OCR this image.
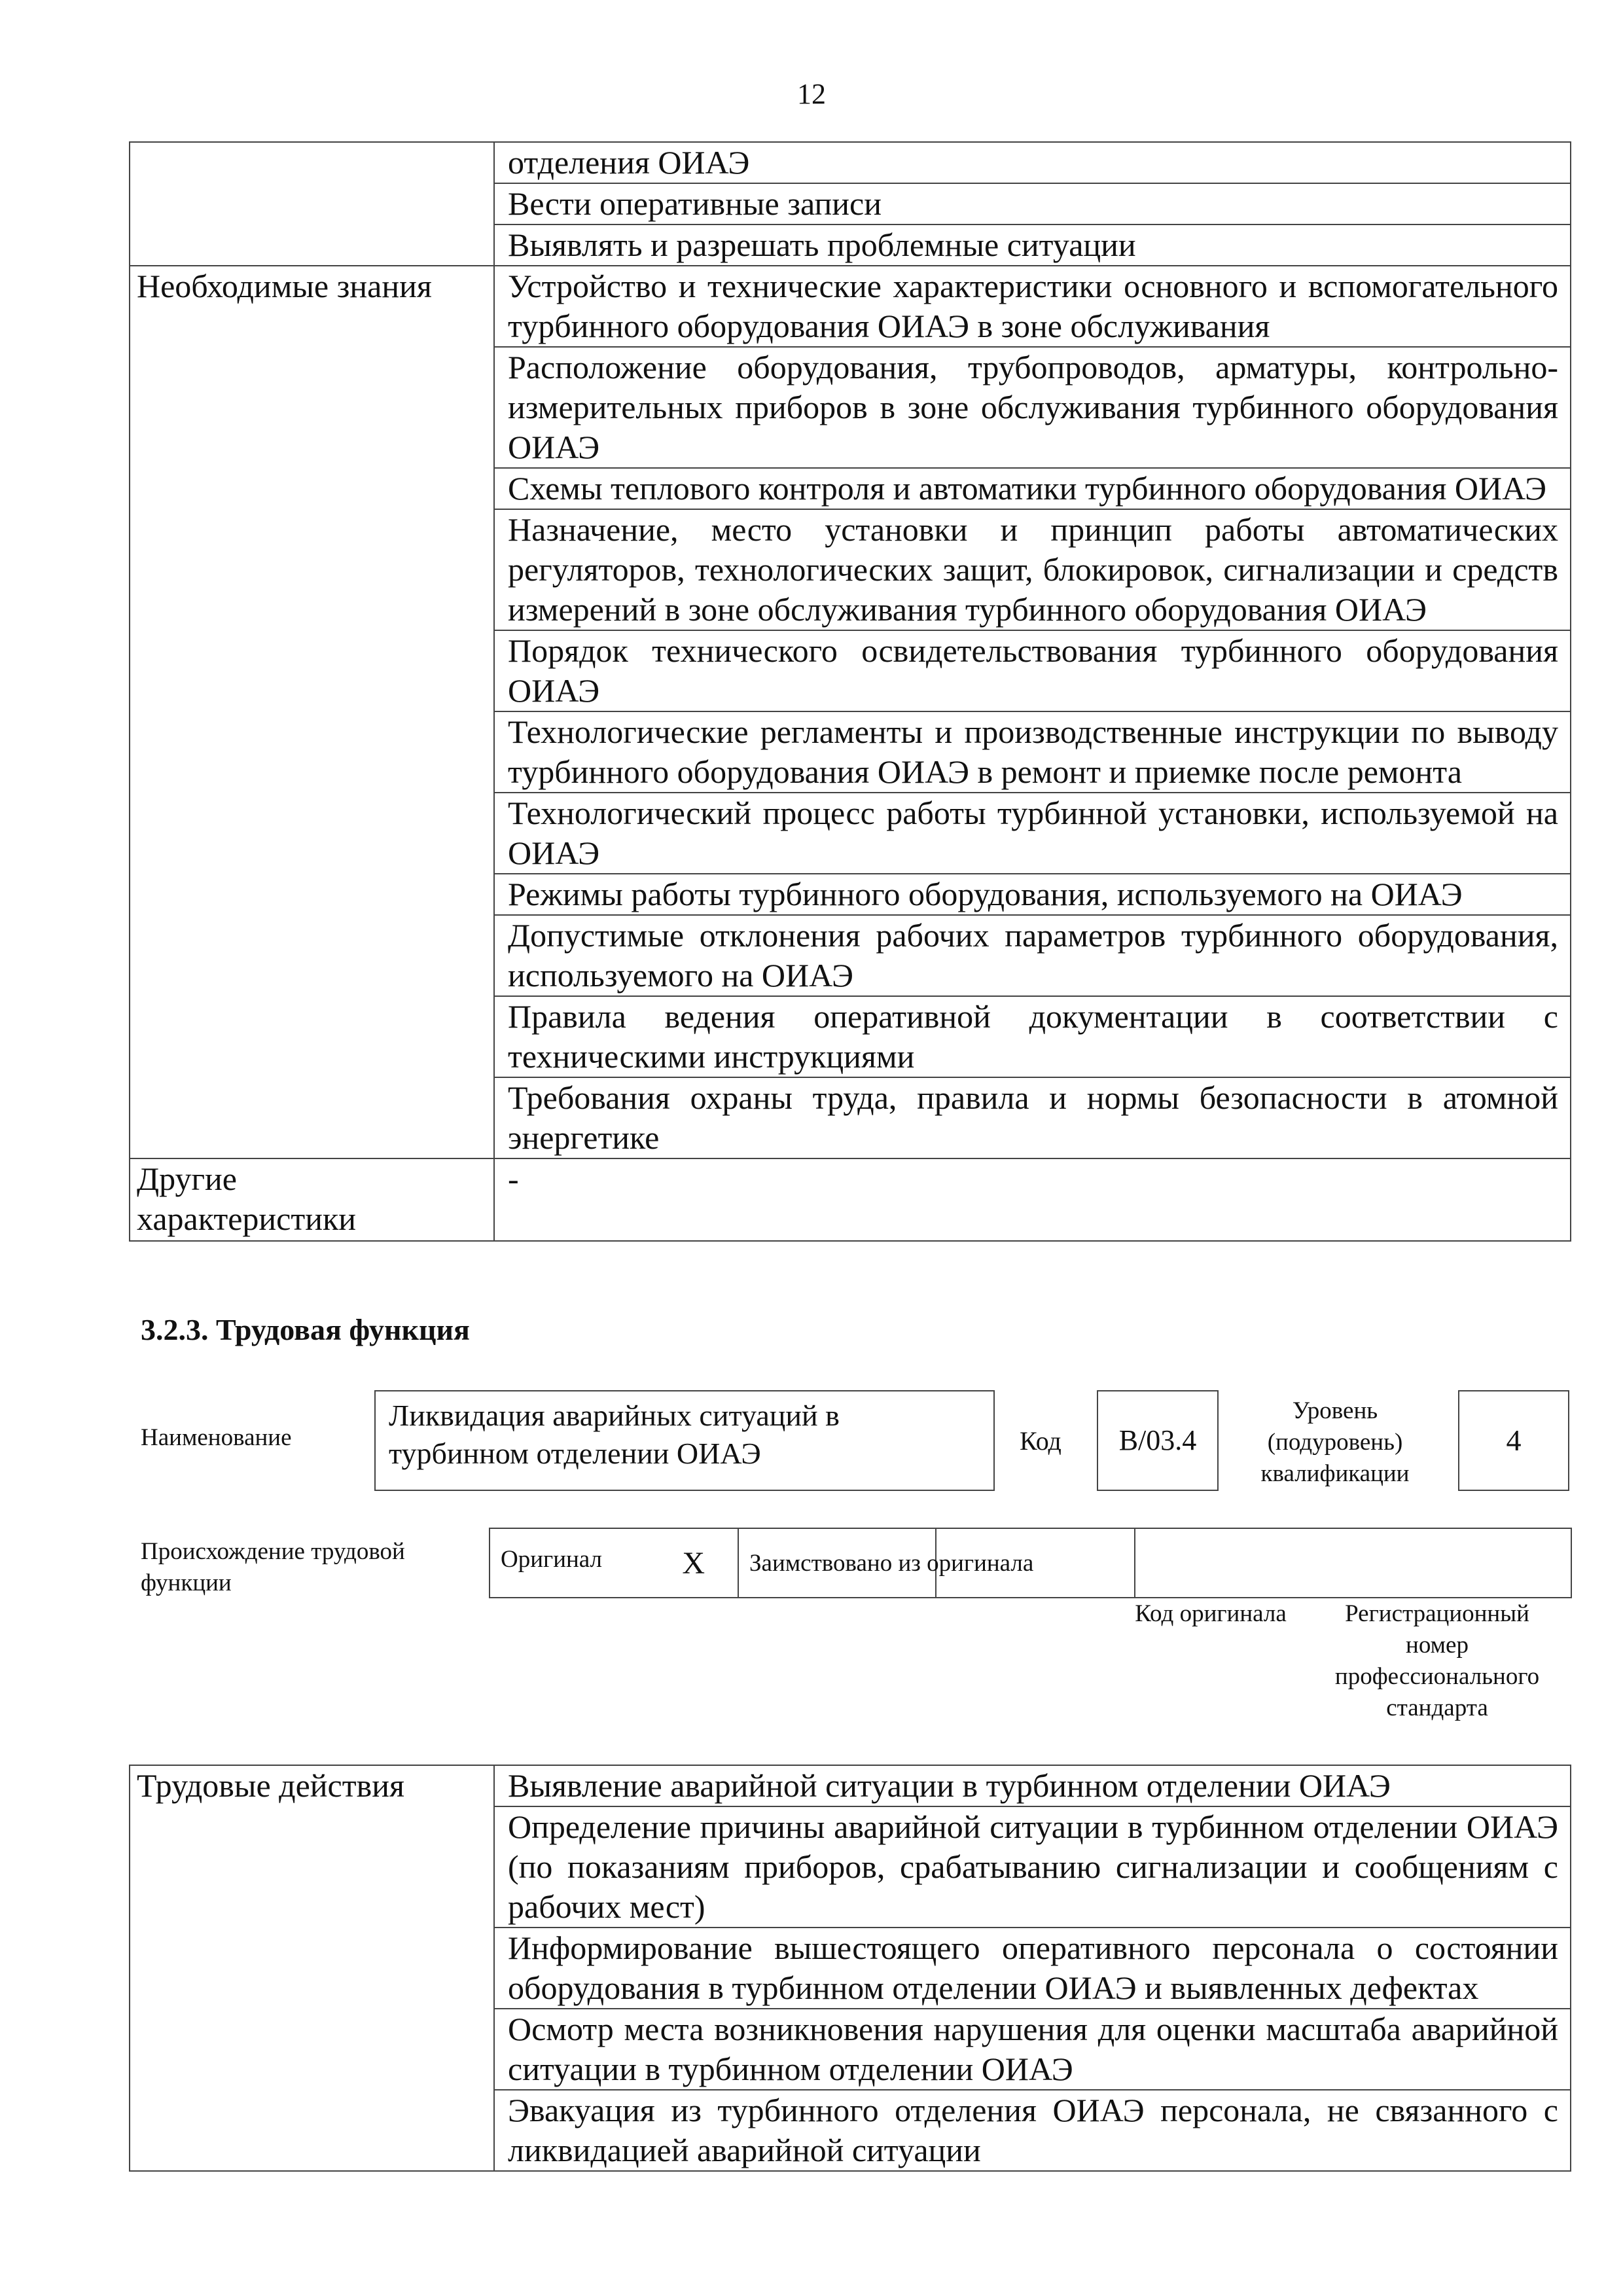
12
	отделения ОИАЭ
	Вести оперативные записи
	Выявлять и разрешать проблемные ситуации
Необходимые знания	Устройство и технические характеристики основного и вспомогательного турбинного оборудования ОИАЭ в зоне обслуживания
	Расположение оборудования, трубопроводов, арматуры, контрольно-измерительных приборов в зоне обслуживания турбинного оборудования ОИАЭ
	Схемы теплового контроля и автоматики турбинного оборудования ОИАЭ
	Назначение, место установки и принцип работы автоматических регуляторов, технологических защит, блокировок, сигнализации и средств измерений в зоне обслуживания турбинного оборудования ОИАЭ
	Порядок технического освидетельствования турбинного оборудования ОИАЭ
	Технологические регламенты и производственные инструкции по выводу турбинного оборудования ОИАЭ в ремонт и приемке после ремонта
	Технологический процесс работы турбинной установки, используемой на ОИАЭ
	Режимы работы турбинного оборудования, используемого на ОИАЭ
	Допустимые отклонения рабочих параметров турбинного оборудования, используемого на ОИАЭ
	Правила ведения оперативной документации в соответствии с техническими инструкциями
	Требования охраны труда, правила и нормы безопасности в атомной энергетике

Другие характеристики	-
3.2.3. Трудовая функция
Наименование
Ликвидация аварийных ситуаций в турбинном отделении ОИАЭ	Код	B/03.4
Уровень (подуровень) квалификации
4
Происхождение трудовой функции
Оригинал	X	Заимствовано из оригинала		
Код оригинала	Регистрационный номер профессионального стандарта
Трудовые действия	Выявление аварийной ситуации в турбинном отделении ОИАЭ
Определение причины аварийной ситуации в турбинном отделении ОИАЭ (по показаниям приборов, срабатыванию сигнализации и сообщениям с рабочих мест)
Информирование вышестоящего оперативного персонала о состоянии оборудования в турбинном отделении ОИАЭ и выявленных дефектах
Осмотр места возникновения нарушения для оценки масштаба аварийной ситуации в турбинном отделении ОИАЭ
Эвакуация из турбинного отделения ОИАЭ персонала, не связанного с ликвидацией аварийной ситуации
